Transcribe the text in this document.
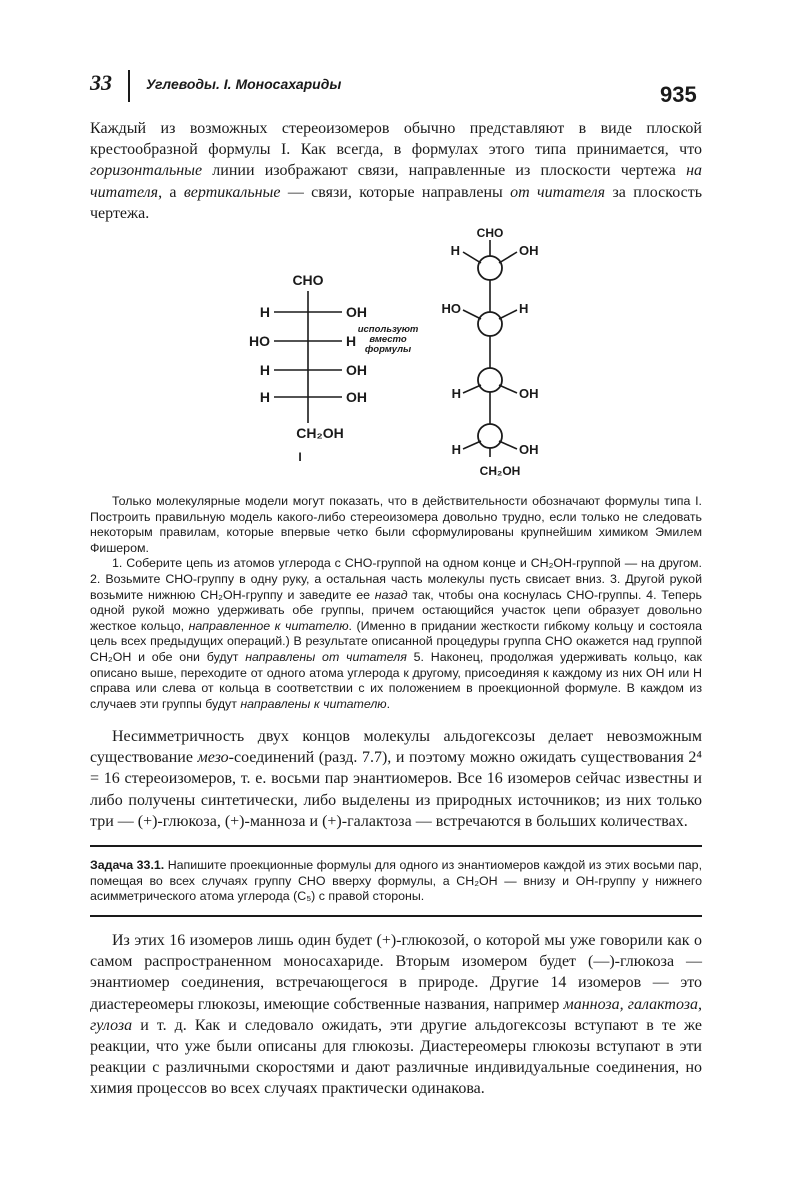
33 Углеводы. I. Моносахариды	935

Каждый из возможных стереоизомеров обычно представляют в виде плоской крестообразной формулы I. Как всегда, в формулах этого типа принимается, что горизонтальные линии изображают связи, направленные из плоскости чертежа на читателя, а вертикальные — связи, которые направлены от читателя за плоскость чертежа.

CHO
H	OH
HO	H
H	OH
H	OH
CH₂OH
I
используют
вместо
формулы
CHO
H	OH
HO	H
H	OH
H	OH
CH₂OH

Только молекулярные модели могут показать, что в действительности обозначают формулы типа I. Построить правильную модель какого-либо стереоизомера довольно трудно, если только не следовать некоторым правилам, которые впервые четко были сформулированы крупнейшим химиком Эмилем Фишером.

1. Соберите цепь из атомов углерода с CHO-группой на одном конце и CH₂OH-группой — на другом. 2. Возьмите CHO-группу в одну руку, а остальная часть молекулы пусть свисает вниз. 3. Другой рукой возьмите нижнюю CH₂OH-группу и заведите ее назад так, чтобы она коснулась CHO-группы. 4. Теперь одной рукой можно удерживать обе группы, причем остающийся участок цепи образует довольно жесткое кольцо, направленное к читателю. (Именно в придании жесткости гибкому кольцу и состояла цель всех предыдущих операций.) В результате описанной процедуры группа CHO окажется над группой CH₂OH и обе они будут направлены от читателя 5. Наконец, продолжая удерживать кольцо, как описано выше, переходите от одного атома углерода к другому, присоединяя к каждому из них OH или H справа или слева от кольца в соответствии с их положением в проекционной формуле. В каждом из случаев эти группы будут направлены к читателю.

Несимметричность двух концов молекулы альдогексозы делает невозможным существование мезо-соединений (разд. 7.7), и поэтому можно ожидать существования 2⁴ = 16 стереоизомеров, т. е. восьми пар энантиомеров. Все 16 изомеров сейчас известны и либо получены синтетически, либо выделены из природных источников; из них только три — (+)-глюкоза, (+)-манноза и (+)-галактоза — встречаются в больших количествах.

Задача 33.1. Напишите проекционные формулы для одного из энантиомеров каждой из этих восьми пар, помещая во всех случаях группу CHO вверху формулы, а CH₂OH — внизу и OH-группу у нижнего асимметрического атома углерода (C₅) с правой стороны.

Из этих 16 изомеров лишь один будет (+)-глюкозой, о которой мы уже говорили как о самом распространенном моносахариде. Вторым изомером будет (—)-глюкоза — энантиомер соединения, встречающегося в природе. Другие 14 изомеров — это диастереомеры глюкозы, имеющие собственные названия, например манноза, галактоза, гулоза и т. д. Как и следовало ожидать, эти другие альдогексозы вступают в те же реакции, что уже были описаны для глюкозы. Диастереомеры глюкозы вступают в эти реакции с различными скоростями и дают различные индивидуальные соединения, но химия процессов во всех случаях практически одинакова.
